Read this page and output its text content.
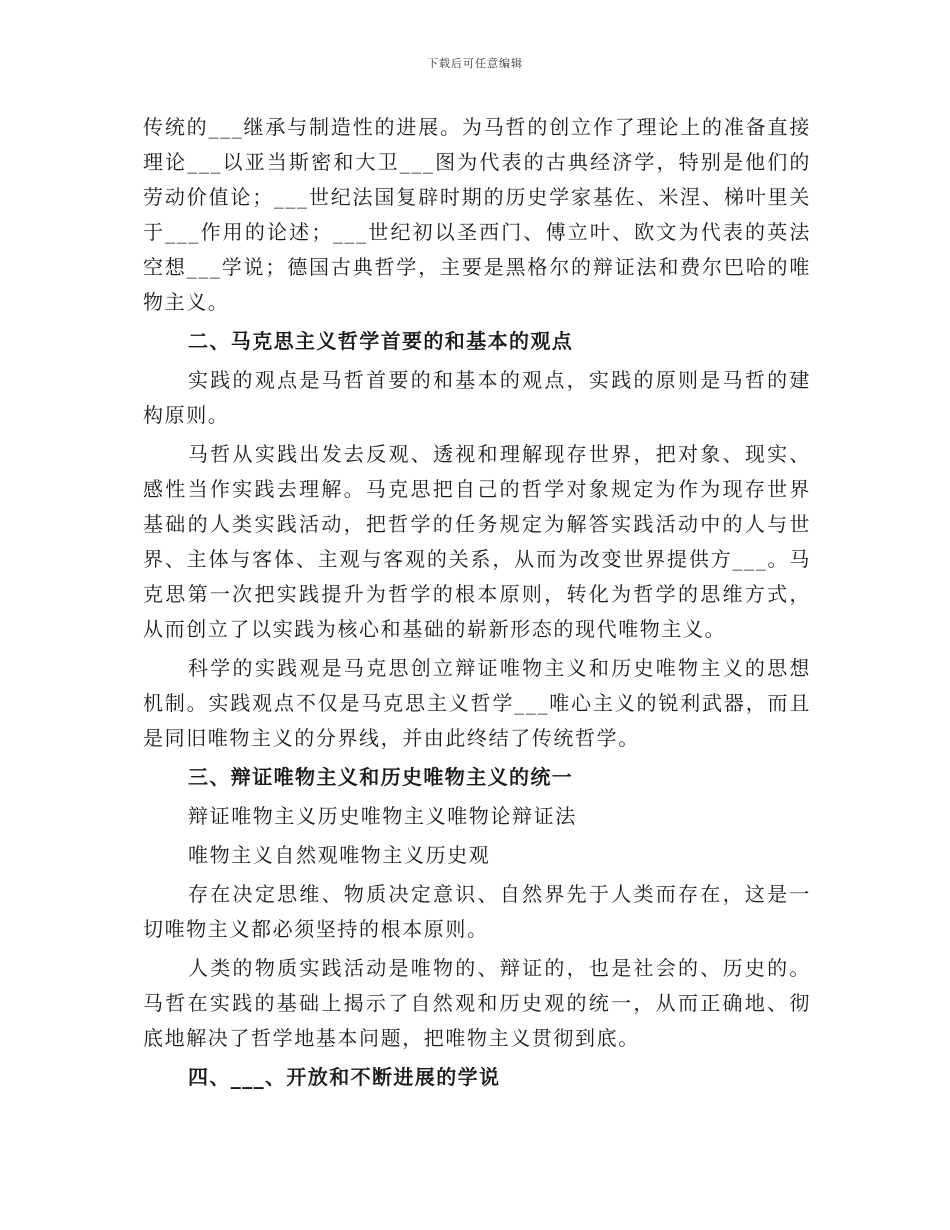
下载后可任意编辑

传统的___继承与制造性的进展。为马哲的创立作了理论上的准备直接理论___以亚当斯密和大卫___图为代表的古典经济学，特别是他们的劳动价值论；___世纪法国复辟时期的历史学家基佐、米涅、梯叶里关于___作用的论述；___世纪初以圣西门、傅立叶、欧文为代表的英法空想___学说；德国古典哲学，主要是黑格尔的辩证法和费尔巴哈的唯物主义。

二、马克思主义哲学首要的和基本的观点

实践的观点是马哲首要的和基本的观点，实践的原则是马哲的建构原则。

马哲从实践出发去反观、透视和理解现存世界，把对象、现实、感性当作实践去理解。马克思把自己的哲学对象规定为作为现存世界基础的人类实践活动，把哲学的任务规定为解答实践活动中的人与世界、主体与客体、主观与客观的关系，从而为改变世界提供方___。马克思第一次把实践提升为哲学的根本原则，转化为哲学的思维方式，从而创立了以实践为核心和基础的崭新形态的现代唯物主义。

科学的实践观是马克思创立辩证唯物主义和历史唯物主义的思想机制。实践观点不仅是马克思主义哲学___唯心主义的锐利武器，而且是同旧唯物主义的分界线，并由此终结了传统哲学。

三、辩证唯物主义和历史唯物主义的统一

辩证唯物主义历史唯物主义唯物论辩证法

唯物主义自然观唯物主义历史观

存在决定思维、物质决定意识、自然界先于人类而存在，这是一切唯物主义都必须坚持的根本原则。

人类的物质实践活动是唯物的、辩证的，也是社会的、历史的。马哲在实践的基础上揭示了自然观和历史观的统一，从而正确地、彻底地解决了哲学地基本问题，把唯物主义贯彻到底。

四、___、开放和不断进展的学说
